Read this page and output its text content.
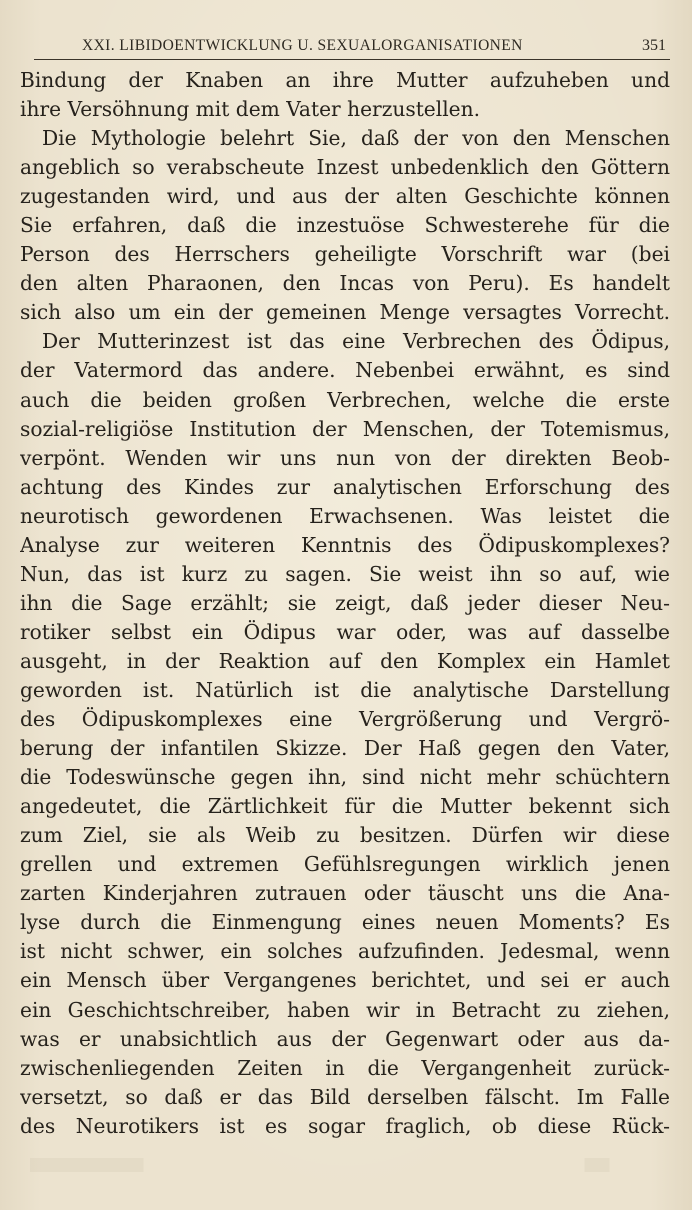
XXI. LIBIDOENTWICKLUNG U. SEXUALORGANISATIONEN	351
Bindung der Knaben an ihre Mutter aufzuheben und
ihre Versöhnung mit dem Vater herzustellen.
Die Mythologie belehrt Sie, daß der von den Menschen
angeblich so verabscheute Inzest unbedenklich den Göttern
zugestanden wird, und aus der alten Geschichte können
Sie erfahren, daß die inzestuöse Schwesterehe für die
Person des Herrschers geheiligte Vorschrift war (bei
den alten Pharaonen, den Incas von Peru). Es handelt
sich also um ein der gemeinen Menge versagtes Vorrecht.
Der Mutterinzest ist das eine Verbrechen des Ödipus,
der Vatermord das andere. Nebenbei erwähnt, es sind
auch die beiden großen Verbrechen, welche die erste
sozial-religiöse Institution der Menschen, der Totemismus,
verpönt. Wenden wir uns nun von der direkten Beob-
achtung des Kindes zur analytischen Erforschung des
neurotisch gewordenen Erwachsenen. Was leistet die
Analyse zur weiteren Kenntnis des Ödipuskomplexes?
Nun, das ist kurz zu sagen. Sie weist ihn so auf, wie
ihn die Sage erzählt; sie zeigt, daß jeder dieser Neu-
rotiker selbst ein Ödipus war oder, was auf dasselbe
ausgeht, in der Reaktion auf den Komplex ein Hamlet
geworden ist. Natürlich ist die analytische Darstellung
des Ödipuskomplexes eine Vergrößerung und Vergrö-
berung der infantilen Skizze. Der Haß gegen den Vater,
die Todeswünsche gegen ihn, sind nicht mehr schüchtern
angedeutet, die Zärtlichkeit für die Mutter bekennt sich
zum Ziel, sie als Weib zu besitzen. Dürfen wir diese
grellen und extremen Gefühlsregungen wirklich jenen
zarten Kinderjahren zutrauen oder täuscht uns die Ana-
lyse durch die Einmengung eines neuen Moments? Es
ist nicht schwer, ein solches aufzufinden. Jedesmal, wenn
ein Mensch über Vergangenes berichtet, und sei er auch
ein Geschichtschreiber, haben wir in Betracht zu ziehen,
was er unabsichtlich aus der Gegenwart oder aus da-
zwischenliegenden Zeiten in die Vergangenheit zurück-
versetzt, so daß er das Bild derselben fälscht. Im Falle
des Neurotikers ist es sogar fraglich, ob diese Rück-
